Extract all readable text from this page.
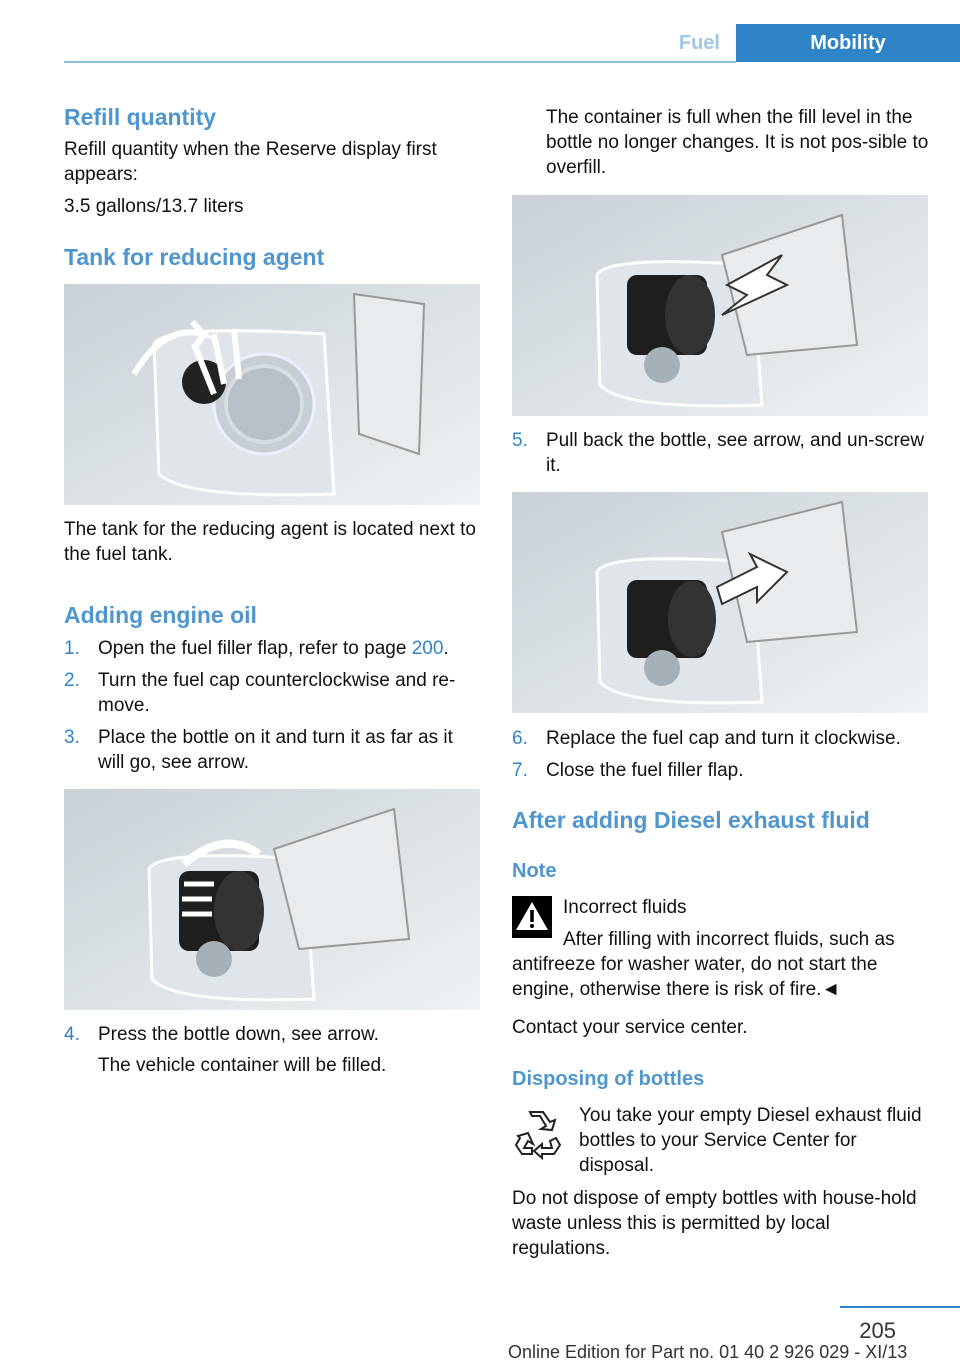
Fuel	Mobility
Refill quantity

Refill quantity when the Reserve display first appears:

3.5 gallons/13.7 liters

Tank for reducing agent

The tank for the reducing agent is located next to the fuel tank.

Adding engine oil
1. Open the fuel filler flap, refer to page 200.
2. Turn the fuel cap counterclockwise and re-move.
3. Place the bottle on it and turn it as far as it will go, see arrow.
4. Press the bottle down, see arrow.

The vehicle container will be filled.

The container is full when the fill level in the bottle no longer changes. It is not pos-sible to overfill.

5. Pull back the bottle, see arrow, and un-screw it.
6. Replace the fuel cap and turn it clockwise.
7. Close the fuel filler flap.
After adding Diesel exhaust fluid
Note

Incorrect fluids

After filling with incorrect fluids, such as antifreeze for washer water, do not start the engine, otherwise there is risk of fire.◄

Contact your service center.

Disposing of bottles

You take your empty Diesel exhaust fluid bottles to your Service Center for disposal.

Do not dispose of empty bottles with house-hold waste unless this is permitted by local regulations.

205
Online Edition for Part no. 01 40 2 926 029 - XI/13
